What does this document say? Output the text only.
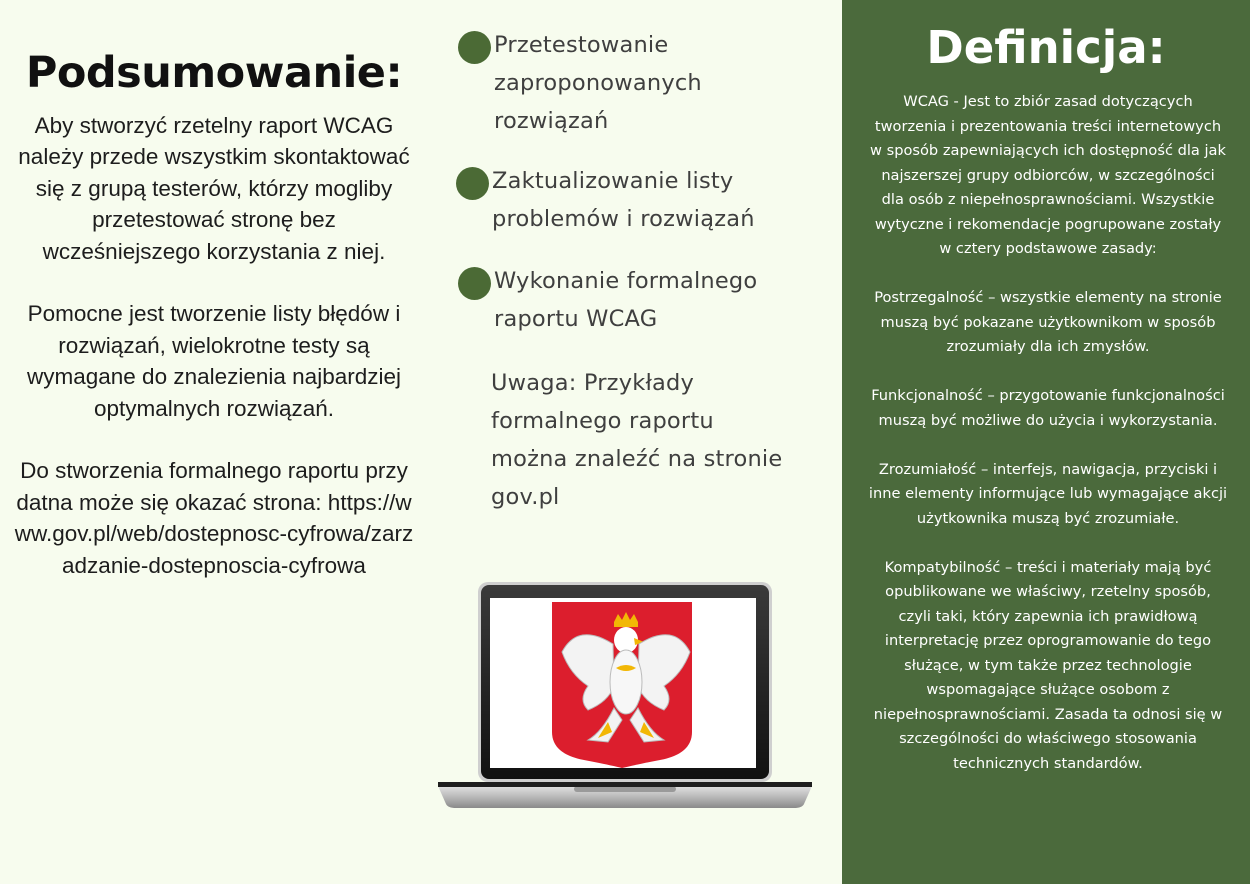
Podsumowanie:

Aby stworzyć rzetelny raport WCAG należy przede wszystkim skontaktować się z grupą testerów, którzy mogliby przetestować stronę bez wcześniejszego korzystania z niej.

Pomocne jest tworzenie listy błędów i rozwiązań, wielokrotne testy są wymagane do znalezienia najbardziej optymalnych rozwiązań.

Do stworzenia formalnego raportu przydatna może się okazać strona: https://www.gov.pl/web/dostepnosc-cyfrowa/zarzadzanie-dostepnoscia-cyfrowa

Przetestowanie zaproponowanych rozwiązań
Zaktualizowanie listy problemów i rozwiązań
Wykonanie formalnego raportu WCAG
Uwaga: Przykłady formalnego raportu można znaleźć na stronie gov.pl
Definicja:

WCAG - Jest to zbiór zasad dotyczących tworzenia i prezentowania treści internetowych w sposób zapewniających ich dostępność dla jak najszerszej grupy odbiorców, w szczególności dla osób z niepełnosprawnościami. Wszystkie wytyczne i rekomendacje pogrupowane zostały w cztery podstawowe zasady:

Postrzegalność – wszystkie elementy na stronie muszą być pokazane użytkownikom w sposób zrozumiały dla ich zmysłów.

Funkcjonalność – przygotowanie funkcjonalności muszą być możliwe do użycia i wykorzystania.

Zrozumiałość – interfejs, nawigacja, przyciski i inne elementy informujące lub wymagające akcji użytkownika muszą być zrozumiałe.

Kompatybilność – treści i materiały mają być opublikowane we właściwy, rzetelny sposób, czyli taki, który zapewnia ich prawidłową interpretację przez oprogramowanie do tego służące, w tym także przez technologie wspomagające służące osobom z niepełnosprawnościami. Zasada ta odnosi się w szczególności do właściwego stosowania technicznych standardów.
